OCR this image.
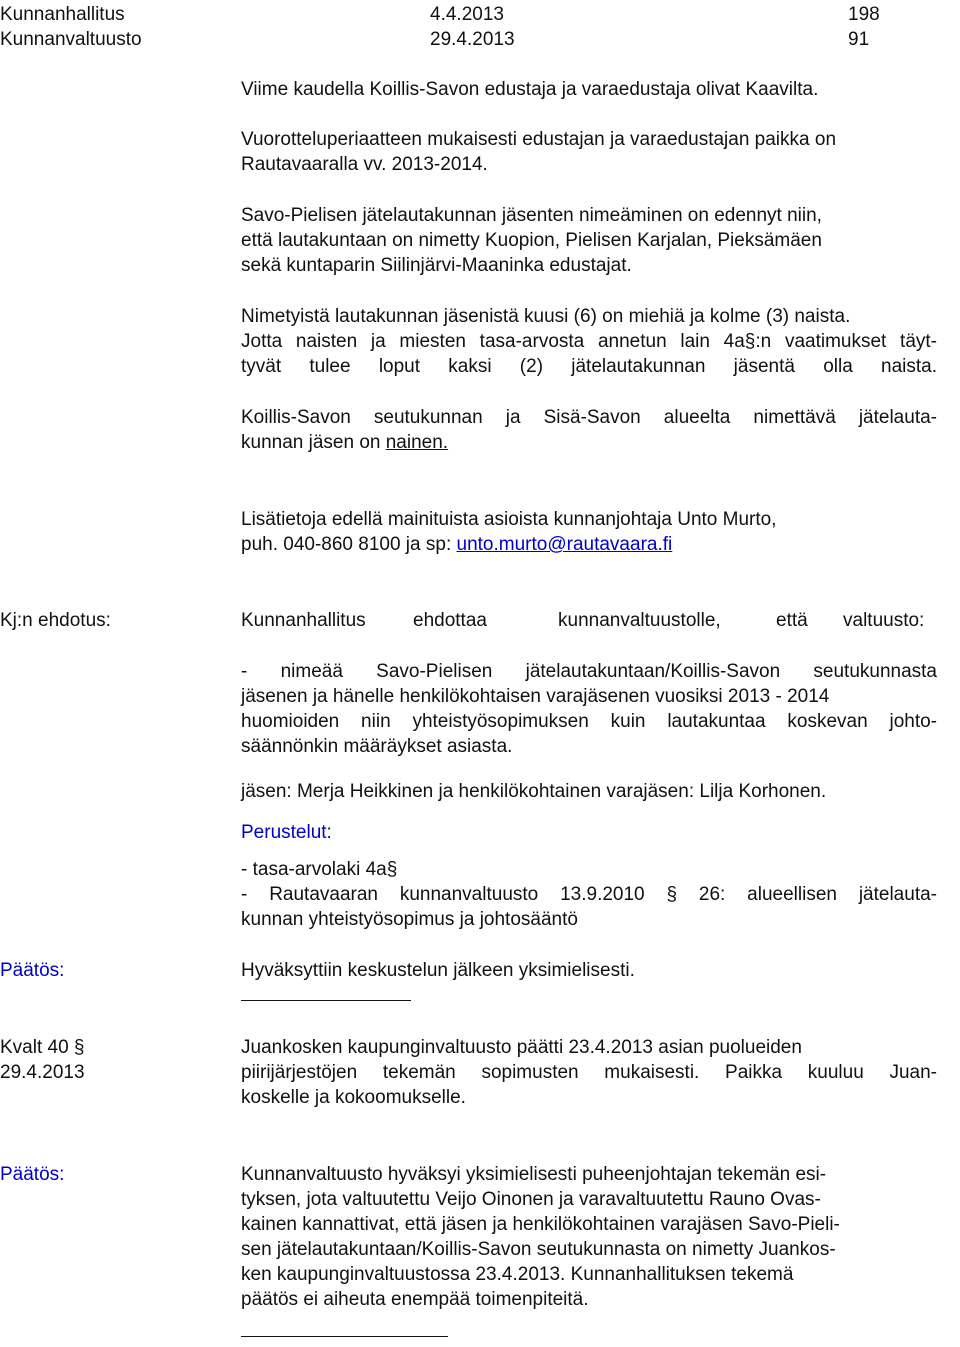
Kunnanhallitus	4.4.2013	198
Kunnanvaltuusto	29.4.2013	91
Viime kaudella Koillis-Savon edustaja ja varaedustaja olivat Kaavilta.
Vuorotteluperiaatteen mukaisesti edustajan ja varaedustajan paikka on
Rautavaaralla vv. 2013-2014.
Savo-Pielisen jätelautakunnan jäsenten nimeäminen on edennyt niin,
että lautakuntaan on nimetty Kuopion, Pielisen Karjalan, Pieksämäen
sekä kuntaparin Siilinjärvi-Maaninka edustajat.
Nimetyistä lautakunnan jäsenistä kuusi (6) on miehiä ja kolme (3) naista.
Jotta naisten ja miesten tasa-arvosta annetun lain 4a§:n vaatimukset täyt-
tyvät tulee loput kaksi (2) jätelautakunnan jäsentä olla naista.
Koillis-Savon seutukunnan ja Sisä-Savon alueelta nimettävä jätelauta-
kunnan jäsen on nainen.
Lisätietoja edellä mainituista asioista kunnanjohtaja Unto Murto,
puh. 040-860 8100 ja sp: unto.murto@rautavaara.fi
Kj:n ehdotus:	Kunnanhallitus ehdottaa	kunnanvaltuustolle,	että valtuusto:
- nimeää Savo-Pielisen jätelautakuntaan/Koillis-Savon seutukunnasta
jäsenen ja hänelle henkilökohtaisen varajäsenen vuosiksi 2013 - 2014
huomioiden niin yhteistyösopimuksen kuin lautakuntaa koskevan johto-
säännönkin määräykset asiasta.
jäsen: Merja Heikkinen ja henkilökohtainen varajäsen: Lilja Korhonen.
Perustelut:
- tasa-arvolaki 4a§
- Rautavaaran kunnanvaltuusto 13.9.2010 § 26: alueellisen jätelauta-
kunnan yhteistyösopimus ja johtosääntö
Päätös:	Hyväksyttiin keskustelun jälkeen yksimielisesti.
Kvalt 40 §
29.4.2013
Juankosken kaupunginvaltuusto päätti 23.4.2013 asian puolueiden
piirijärjestöjen tekemän sopimusten mukaisesti. Paikka kuuluu Juan-
koskelle ja kokoomukselle.
Päätös:	Kunnanvaltuusto hyväksyi yksimielisesti puheenjohtajan tekemän esi-
tyksen, jota valtuutettu Veijo Oinonen ja varavaltuutettu Rauno Ovas-
kainen kannattivat, että jäsen ja henkilökohtainen varajäsen Savo-Pieli-
sen jätelautakuntaan/Koillis-Savon seutukunnasta on nimetty Juankos-
ken kaupunginvaltuustossa 23.4.2013. Kunnanhallituksen tekemä
päätös ei aiheuta enempää toimenpiteitä.
